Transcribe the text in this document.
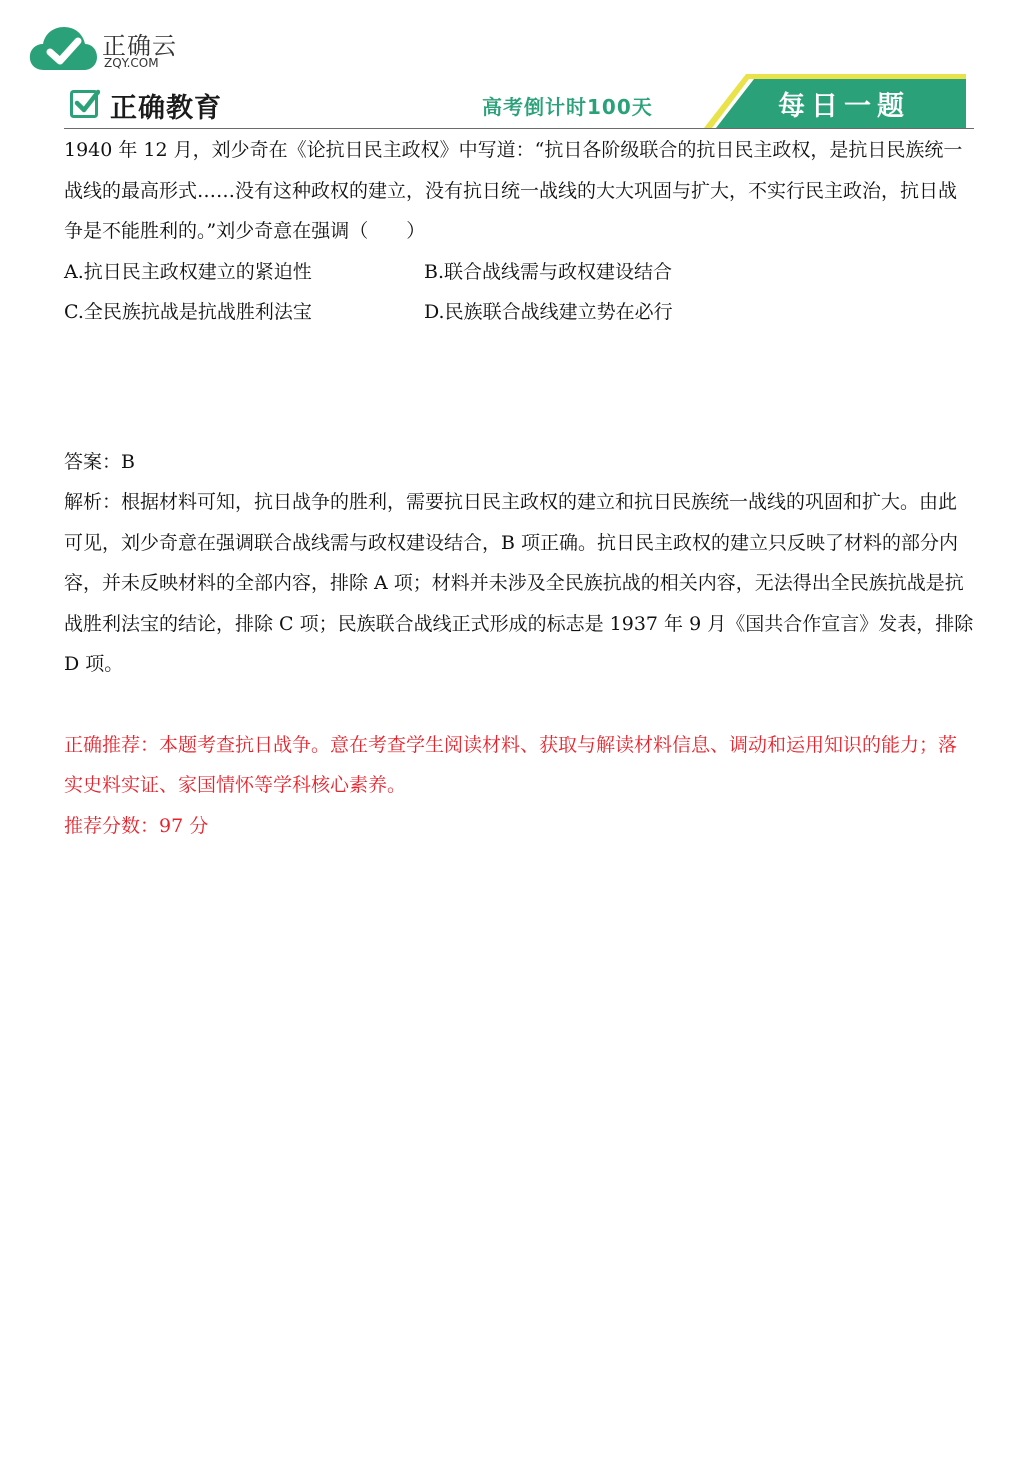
正确云
ZQY.COM
正确教育	高考倒计时100天	每日一题

1940 年 12 月，刘少奇在《论抗日民主政权》中写道：“抗日各阶级联合的抗日民主政权，是抗日民族统一战线的最高形式……没有这种政权的建立，没有抗日统一战线的大大巩固与扩大，不实行民主政治，抗日战争是不能胜利的。”刘少奇意在强调（　　）

A.抗日民主政权建立的紧迫性	B.联合战线需与政权建设结合
C.全民族抗战是抗战胜利法宝	D.民族联合战线建立势在必行

答案：B

解析：根据材料可知，抗日战争的胜利，需要抗日民主政权的建立和抗日民族统一战线的巩固和扩大。由此可见，刘少奇意在强调联合战线需与政权建设结合，B 项正确。抗日民主政权的建立只反映了材料的部分内容，并未反映材料的全部内容，排除 A 项；材料并未涉及全民族抗战的相关内容，无法得出全民族抗战是抗战胜利法宝的结论，排除 C 项；民族联合战线正式形成的标志是 1937 年 9 月《国共合作宣言》发表，排除 D 项。

正确推荐：本题考查抗日战争。意在考查学生阅读材料、获取与解读材料信息、调动和运用知识的能力；落实史料实证、家国情怀等学科核心素养。

推荐分数：97 分
